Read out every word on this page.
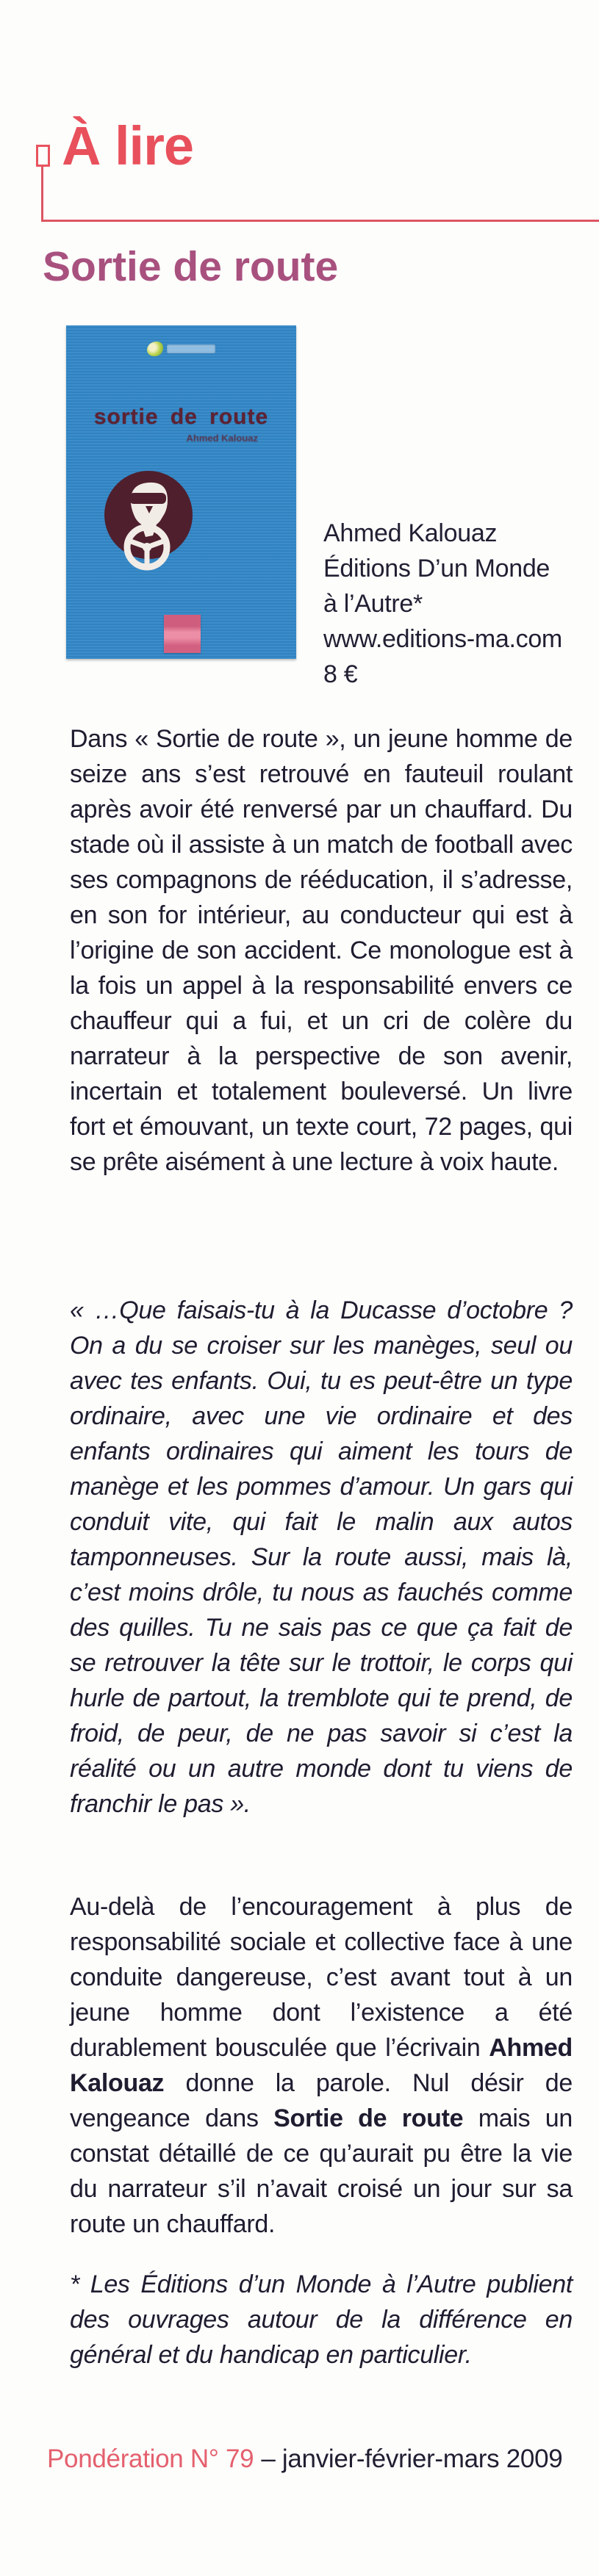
À lire
Sortie de route
sortie de route
Ahmed Kalouaz
Ahmed Kalouaz
Éditions D’un Monde
à l’Autre*
www.editions-ma.com
8 €
Dans « Sortie de route », un jeune homme de seize ans s’est retrouvé en fauteuil roulant après avoir été renversé par un chauffard. Du stade où il assiste à un match de football avec ses compagnons de rééducation, il s’adresse, en son for intérieur, au conducteur qui est à l’origine de son accident. Ce monologue est à la fois un appel à la responsabilité envers ce chauffeur qui a fui, et un cri de colère du narrateur à la perspective de son avenir, incertain et totalement bouleversé. Un livre fort et émouvant, un texte court, 72 pages, qui se prête aisément à une lecture à voix haute.
« …Que faisais-tu à la Ducasse d’octobre ? On a du se croiser sur les manèges, seul ou avec tes enfants. Oui, tu es peut-être un type ordinaire, avec une vie ordinaire et des enfants ordinaires qui aiment les tours de manège et les pommes d’amour. Un gars qui conduit vite, qui fait le malin aux autos tamponneuses. Sur la route aussi, mais là, c’est moins drôle, tu nous as fauchés comme des quilles. Tu ne sais pas ce que ça fait de se retrouver la tête sur le trottoir, le corps qui hurle de partout, la tremblote qui te prend, de froid, de peur, de ne pas savoir si c’est la réalité ou un autre monde dont tu viens de franchir le pas ».
Au-delà de l’encouragement à plus de responsabilité sociale et collective face à une conduite dangereuse, c’est avant tout à un jeune homme dont l’existence a été durablement bousculée que l’écrivain Ahmed Kalouaz donne la parole. Nul désir de vengeance dans Sortie de route mais un constat détaillé de ce qu’aurait pu être la vie du narrateur s’il n’avait croisé un jour sur sa route un chauffard.
* Les Éditions d’un Monde à l’Autre publient des ouvrages autour de la différence en général et du handicap en particulier.
Pondération N° 79 – janvier-février-mars 2009
